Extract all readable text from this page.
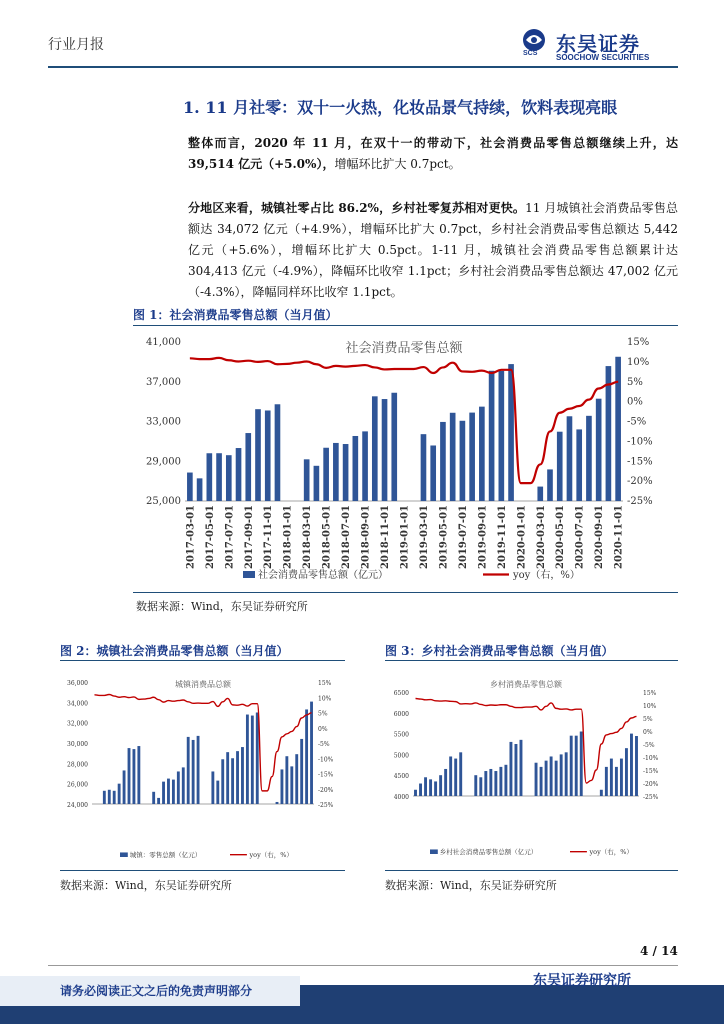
行业月报
SCS 东吴证券
SOOCHOW SECURITIES
1. 11 月社零：双十一火热，化妆品景气持续，饮料表现亮眼
整体而言，2020 年 11 月，在双十一的带动下，社会消费品零售总额继续上升，达 39,514 亿元（+5.0%），增幅环比扩大 0.7pct。
分地区来看，城镇社零占比 86.2%，乡村社零复苏相对更快。11 月城镇社会消费品零售总额达 34,072 亿元（+4.9%），增幅环比扩大 0.7pct，乡村社会消费品零售总额达 5,442 亿元（+5.6%），增幅环比扩大 0.5pct。1-11 月，城镇社会消费品零售总额累计达 304,413 亿元（-4.9%），降幅环比收窄 1.1pct；乡村社会消费品零售总额达 47,002 亿元（-4.3%），降幅同样环比收窄 1.1pct。
图 1：社会消费品零售总额（当月值）
社会消费品零售总额
25,000
29,000
33,000
37,000
41,000	15%
10%
5%
0%
-5%
-10%
-15%
-20%
-25%
2017-03-01 2017-05-01 2017-07-01 2017-09-01 2017-11-01 2018-01-01 2018-03-01 2018-05-01 2018-07-01 2018-09-01 2018-11-01 2019-01-01 2019-03-01 2019-05-01 2019-07-01 2019-09-01 2019-11-01 2020-01-01 2020-03-01 2020-05-01 2020-07-01 2020-09-01 2020-11-01
社会消费品零售总额（亿元）	yoy（右，%）
数据来源：Wind，东吴证券研究所
图 2：城镇社会消费品零售总额（当月值）
城镇消费品总额
24,000
26,000
28,000
30,000
32,000
34,000
36,000	15%
10%
5%
0%
-5%
-10%
-15%
-20%
-25%
城镇：零售总额（亿元）	yoy（右，%）
数据来源：Wind，东吴证券研究所
图 3：乡村社会消费品零售总额（当月值）
乡村消费品零售总额
4000
4500
5000
5500
6000
6500	15%
10%
5%
0%
-5%
-10%
-15%
-20%
-25%
乡村社会消费品零售总额（亿元）	yoy（右，%）
数据来源：Wind，东吴证券研究所
4 / 14
请务必阅读正文之后的免责声明部分
东吴证券研究所
